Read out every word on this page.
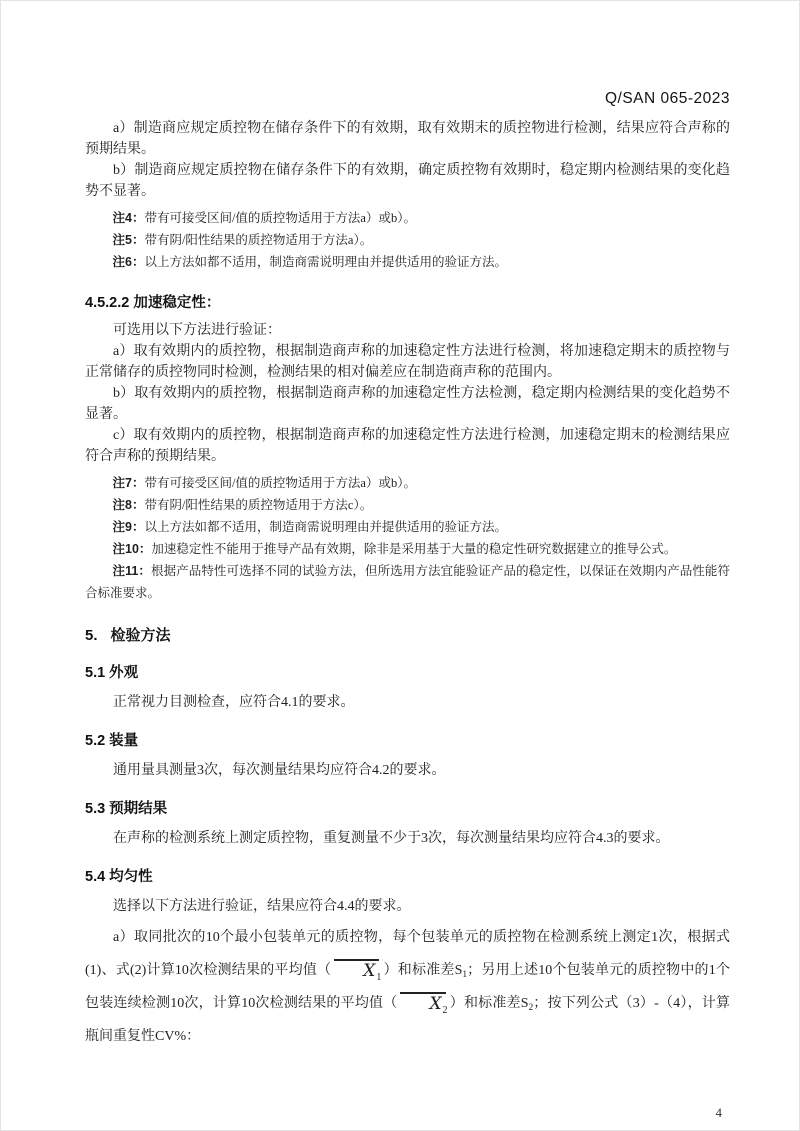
Q/SAN 065-2023

a）制造商应规定质控物在储存条件下的有效期，取有效期末的质控物进行检测，结果应符合声称的预期结果。

b）制造商应规定质控物在储存条件下的有效期，确定质控物有效期时，稳定期内检测结果的变化趋势不显著。

注4：带有可接受区间/值的质控物适用于方法a）或b）。

注5：带有阴/阳性结果的质控物适用于方法a）。

注6：以上方法如都不适用，制造商需说明理由并提供适用的验证方法。

4.5.2.2 加速稳定性：

可选用以下方法进行验证：

a）取有效期内的质控物，根据制造商声称的加速稳定性方法进行检测，将加速稳定期末的质控物与正常储存的质控物同时检测，检测结果的相对偏差应在制造商声称的范围内。

b）取有效期内的质控物，根据制造商声称的加速稳定性方法检测，稳定期内检测结果的变化趋势不显著。

c）取有效期内的质控物，根据制造商声称的加速稳定性方法进行检测，加速稳定期末的检测结果应符合声称的预期结果。

注7：带有可接受区间/值的质控物适用于方法a）或b）。

注8：带有阴/阳性结果的质控物适用于方法c）。

注9：以上方法如都不适用，制造商需说明理由并提供适用的验证方法。

注10：加速稳定性不能用于推导产品有效期，除非是采用基于大量的稳定性研究数据建立的推导公式。

注11：根据产品特性可选择不同的试验方法，但所选用方法宜能验证产品的稳定性，以保证在效期内产品性能符合标准要求。

5. 检验方法
5.1 外观

正常视力目测检查，应符合4.1的要求。

5.2 装量

通用量具测量3次，每次测量结果均应符合4.2的要求。

5.3 预期结果

在声称的检测系统上测定质控物，重复测量不少于3次，每次测量结果均应符合4.3的要求。

5.4 均匀性

选择以下方法进行验证，结果应符合4.4的要求。

a）取同批次的10个最小包装单元的质控物，每个包装单元的质控物在检测系统上测定1次，根据式(1)、式(2)计算10次检测结果的平均值（ $X_1$ ）和标准差$S_1$；另用上述10个包装单元的质控物中的1个包装连续检测10次，计算10次检测结果的平均值（ $X_2$ ）和标准差$S_2$；按下列公式（3）-（4），计算瓶间重复性CV%：

4
